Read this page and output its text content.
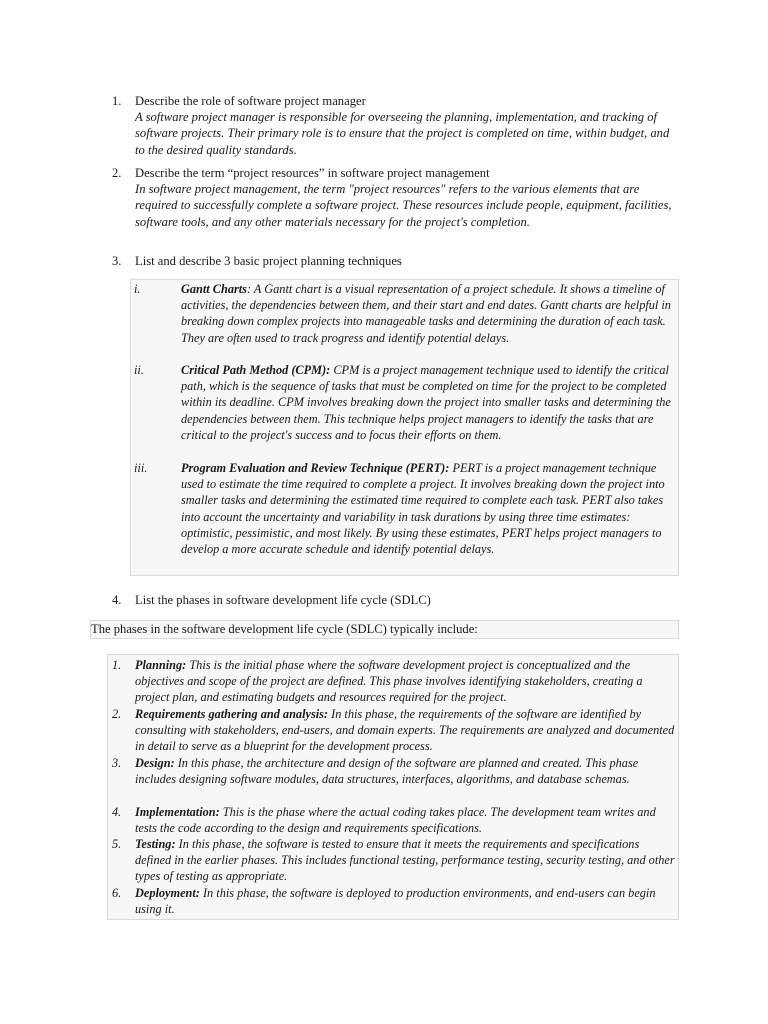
1.	Describe the role of software project manager
A software project manager is responsible for overseeing the planning, implementation, and tracking of software projects. Their primary role is to ensure that the project is completed on time, within budget, and to the desired quality standards.
2.	Describe the term “project resources” in software project management
In software project management, the term "project resources" refers to the various elements that are required to successfully complete a software project. These resources include people, equipment, facilities, software tools, and any other materials necessary for the project's completion.
3.	List and describe 3 basic project planning techniques
i.	Gantt Charts: A Gantt chart is a visual representation of a project schedule. It shows a timeline of activities, the dependencies between them, and their start and end dates. Gantt charts are helpful in breaking down complex projects into manageable tasks and determining the duration of each task. They are often used to track progress and identify potential delays.
ii.	Critical Path Method (CPM): CPM is a project management technique used to identify the critical path, which is the sequence of tasks that must be completed on time for the project to be completed within its deadline. CPM involves breaking down the project into smaller tasks and determining the dependencies between them. This technique helps project managers to identify the tasks that are critical to the project's success and to focus their efforts on them.
iii.	Program Evaluation and Review Technique (PERT): PERT is a project management technique used to estimate the time required to complete a project. It involves breaking down the project into smaller tasks and determining the estimated time required to complete each task. PERT also takes into account the uncertainty and variability in task durations by using three time estimates: optimistic, pessimistic, and most likely. By using these estimates, PERT helps project managers to develop a more accurate schedule and identify potential delays.
4.	List the phases in software development life cycle (SDLC)
The phases in the software development life cycle (SDLC) typically include:
1. Planning: This is the initial phase where the software development project is conceptualized and the objectives and scope of the project are defined. This phase involves identifying stakeholders, creating a project plan, and estimating budgets and resources required for the project.
2. Requirements gathering and analysis: In this phase, the requirements of the software are identified by consulting with stakeholders, end-users, and domain experts. The requirements are analyzed and documented in detail to serve as a blueprint for the development process.
3. Design: In this phase, the architecture and design of the software are planned and created. This phase includes designing software modules, data structures, interfaces, algorithms, and database schemas.
4. Implementation: This is the phase where the actual coding takes place. The development team writes and tests the code according to the design and requirements specifications.
5. Testing: In this phase, the software is tested to ensure that it meets the requirements and specifications defined in the earlier phases. This includes functional testing, performance testing, security testing, and other types of testing as appropriate.
6. Deployment: In this phase, the software is deployed to production environments, and end-users can begin using it.
